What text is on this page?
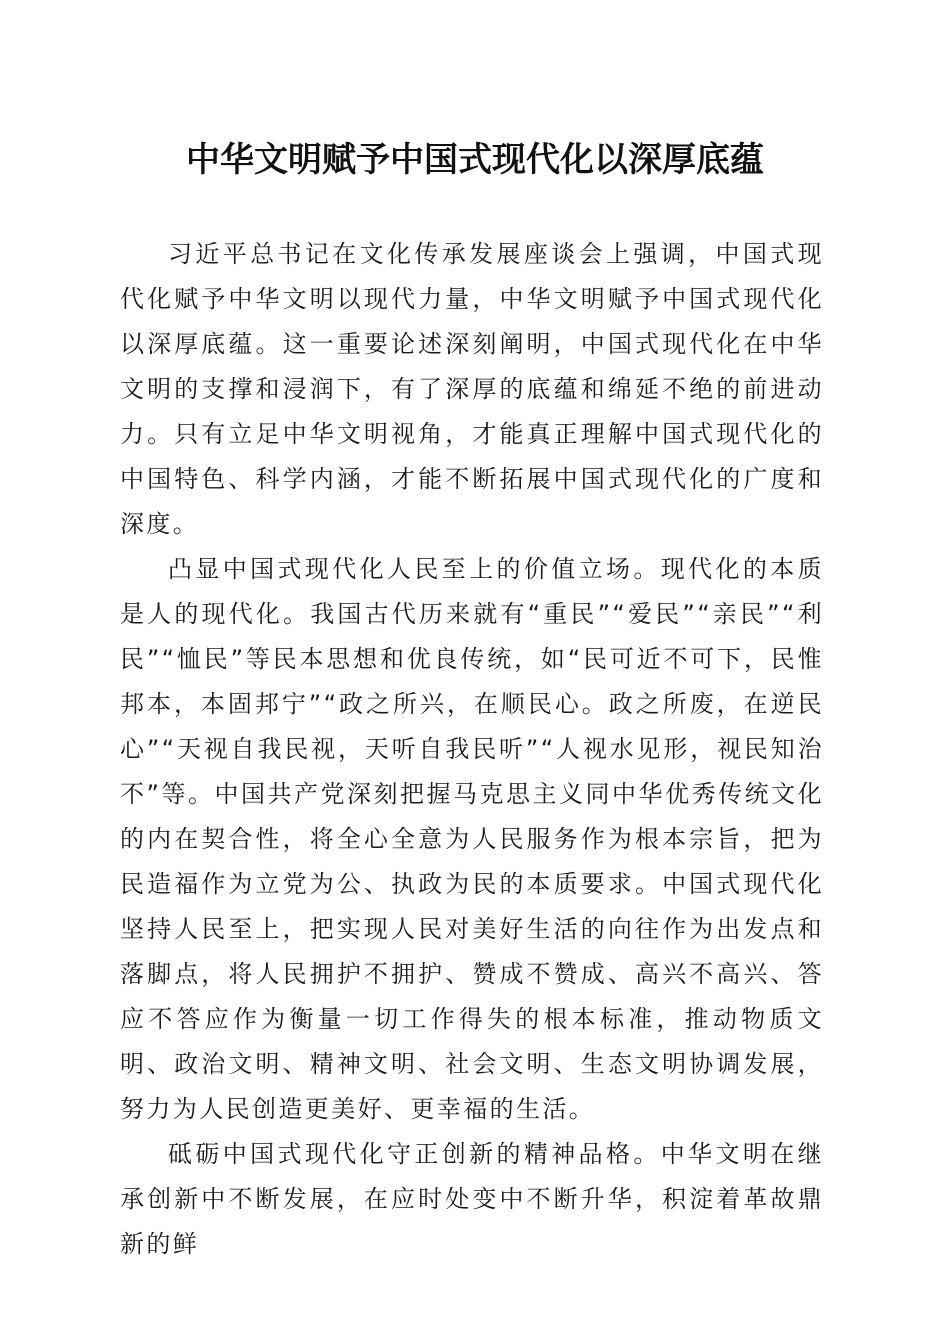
中华文明赋予中国式现代化以深厚底蕴

习近平总书记在文化传承发展座谈会上强调，中国式现代化赋予中华文明以现代力量，中华文明赋予中国式现代化以深厚底蕴。这一重要论述深刻阐明，中国式现代化在中华文明的支撑和浸润下，有了深厚的底蕴和绵延不绝的前进动力。只有立足中华文明视角，才能真正理解中国式现代化的中国特色、科学内涵，才能不断拓展中国式现代化的广度和深度。

凸显中国式现代化人民至上的价值立场。现代化的本质是人的现代化。我国古代历来就有“重民”“爱民”“亲民”“利民”“恤民”等民本思想和优良传统，如“民可近不可下，民惟邦本，本固邦宁”“政之所兴，在顺民心。政之所废，在逆民心”“天视自我民视，天听自我民听”“人视水见形，视民知治不”等。中国共产党深刻把握马克思主义同中华优秀传统文化的内在契合性，将全心全意为人民服务作为根本宗旨，把为民造福作为立党为公、执政为民的本质要求。中国式现代化坚持人民至上，把实现人民对美好生活的向往作为出发点和落脚点，将人民拥护不拥护、赞成不赞成、高兴不高兴、答应不答应作为衡量一切工作得失的根本标准，推动物质文明、政治文明、精神文明、社会文明、生态文明协调发展，努力为人民创造更美好、更幸福的生活。

砥砺中国式现代化守正创新的精神品格。中华文明在继承创新中不断发展，在应时处变中不断升华，积淀着革故鼎新的鲜
